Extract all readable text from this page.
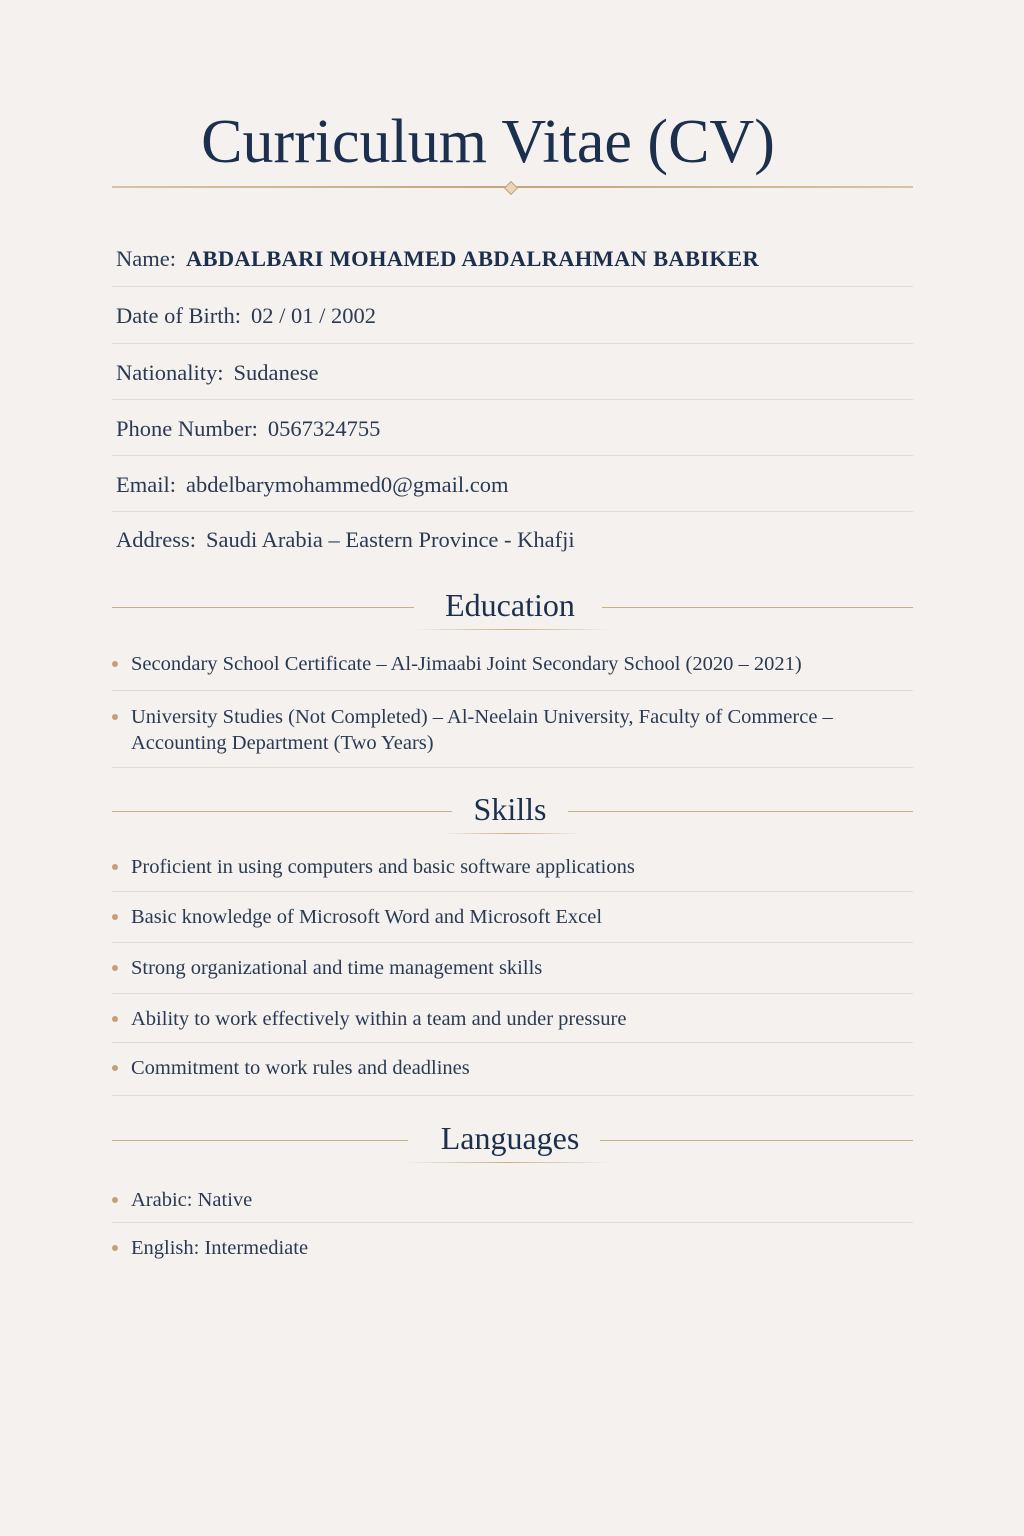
Curriculum Vitae (CV)
Name: ABDALBARI MOHAMED ABDALRAHMAN BABIKER
Date of Birth: 02 / 01 / 2002
Nationality: Sudanese
Phone Number: 0567324755
Email: abdelbarymohammed0@gmail.com
Address: Saudi Arabia – Eastern Province - Khafji
Education
Secondary School Certificate – Al-Jimaabi Joint Secondary School (2020 – 2021)
University Studies (Not Completed) – Al-Neelain University, Faculty of Commerce – Accounting Department (Two Years)
Skills
Proficient in using computers and basic software applications
Basic knowledge of Microsoft Word and Microsoft Excel
Strong organizational and time management skills
Ability to work effectively within a team and under pressure
Commitment to work rules and deadlines
Languages
Arabic: Native
English: Intermediate
